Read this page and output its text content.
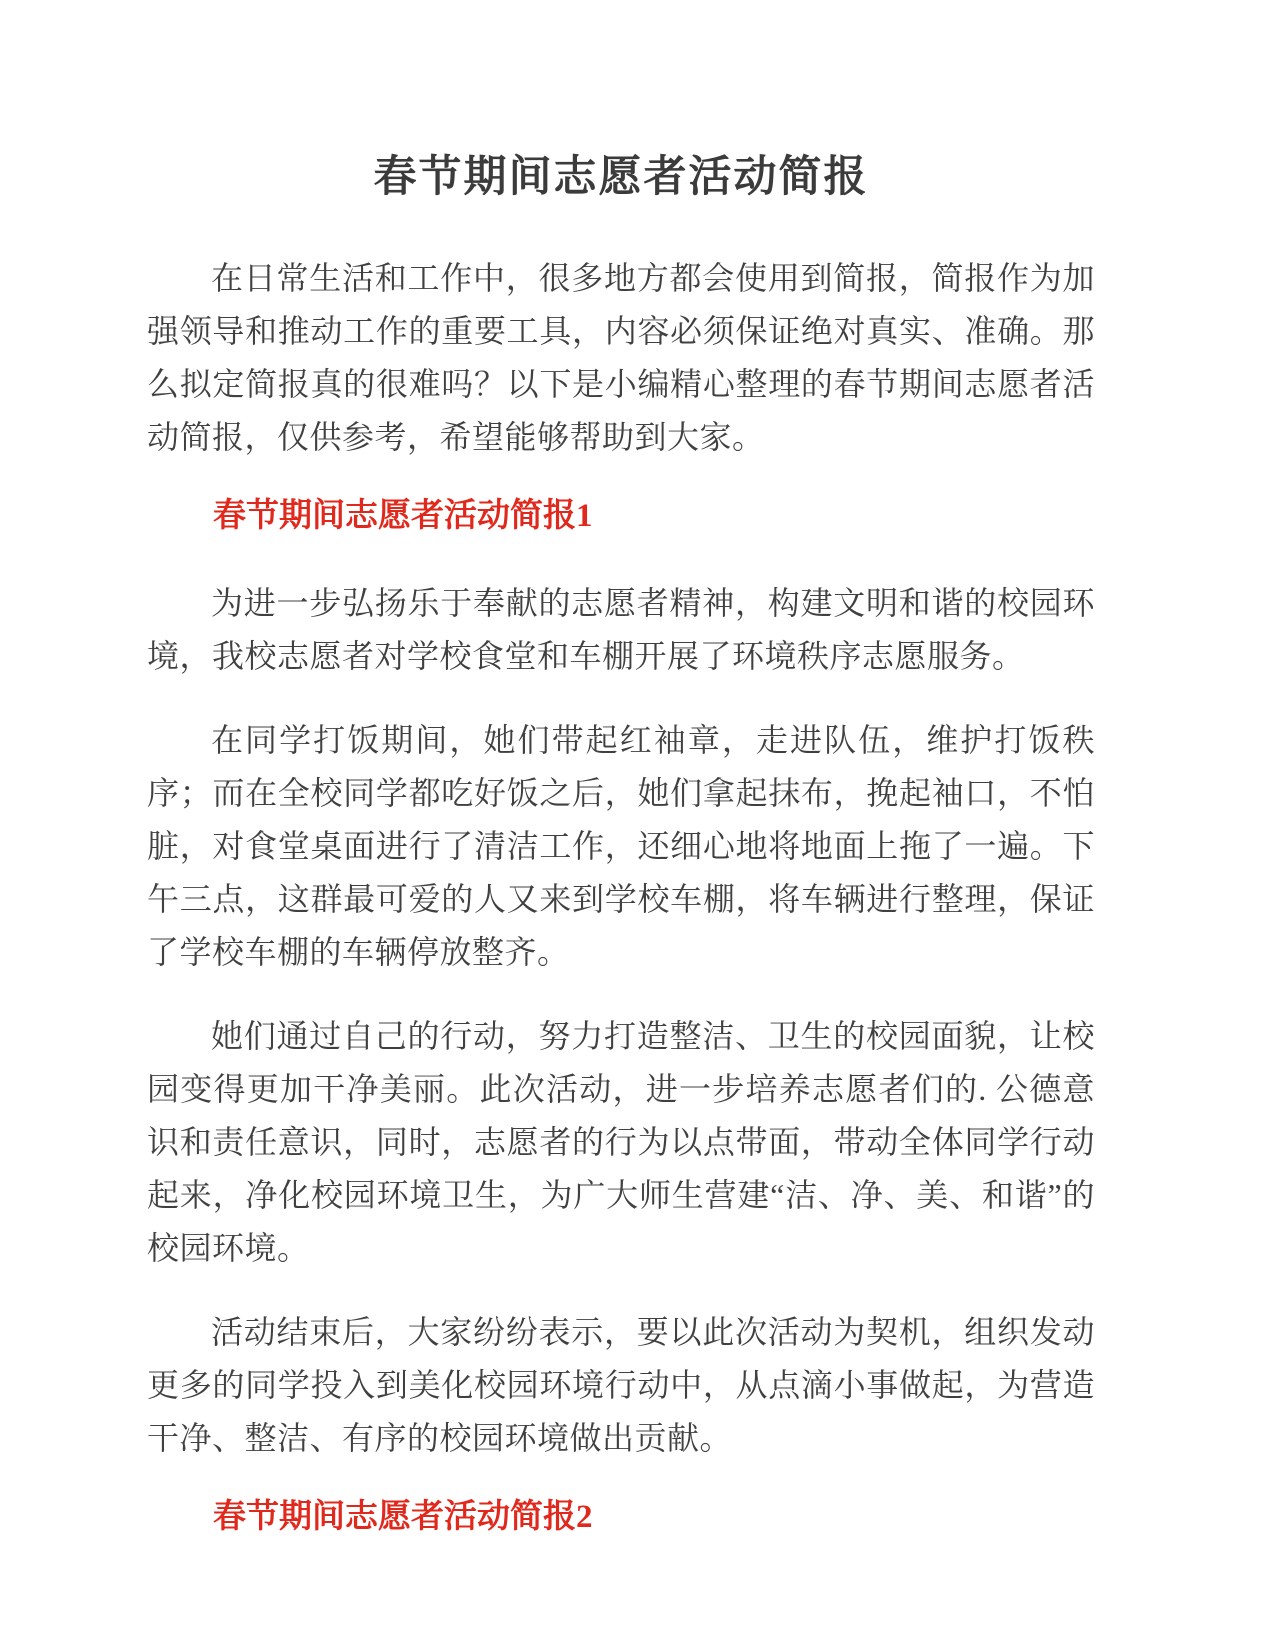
春节期间志愿者活动简报

在日常生活和工作中，很多地方都会使用到简报，简报作为加强领导和推动工作的重要工具，内容必须保证绝对真实、准确。那么拟定简报真的很难吗？以下是小编精心整理的春节期间志愿者活动简报，仅供参考，希望能够帮助到大家。

春节期间志愿者活动简报1

为进一步弘扬乐于奉献的志愿者精神，构建文明和谐的校园环境，我校志愿者对学校食堂和车棚开展了环境秩序志愿服务。

在同学打饭期间，她们带起红袖章，走进队伍，维护打饭秩序；而在全校同学都吃好饭之后，她们拿起抹布，挽起袖口，不怕脏，对食堂桌面进行了清洁工作，还细心地将地面上拖了一遍。下午三点，这群最可爱的人又来到学校车棚，将车辆进行整理，保证了学校车棚的车辆停放整齐。

她们通过自己的行动，努力打造整洁、卫生的校园面貌，让校园变得更加干净美丽。此次活动，进一步培养志愿者们的. 公德意识和责任意识，同时，志愿者的行为以点带面，带动全体同学行动起来，净化校园环境卫生，为广大师生营建“洁、净、美、和谐”的校园环境。

活动结束后，大家纷纷表示，要以此次活动为契机，组织发动更多的同学投入到美化校园环境行动中，从点滴小事做起，为营造干净、整洁、有序的校园环境做出贡献。

春节期间志愿者活动简报2
